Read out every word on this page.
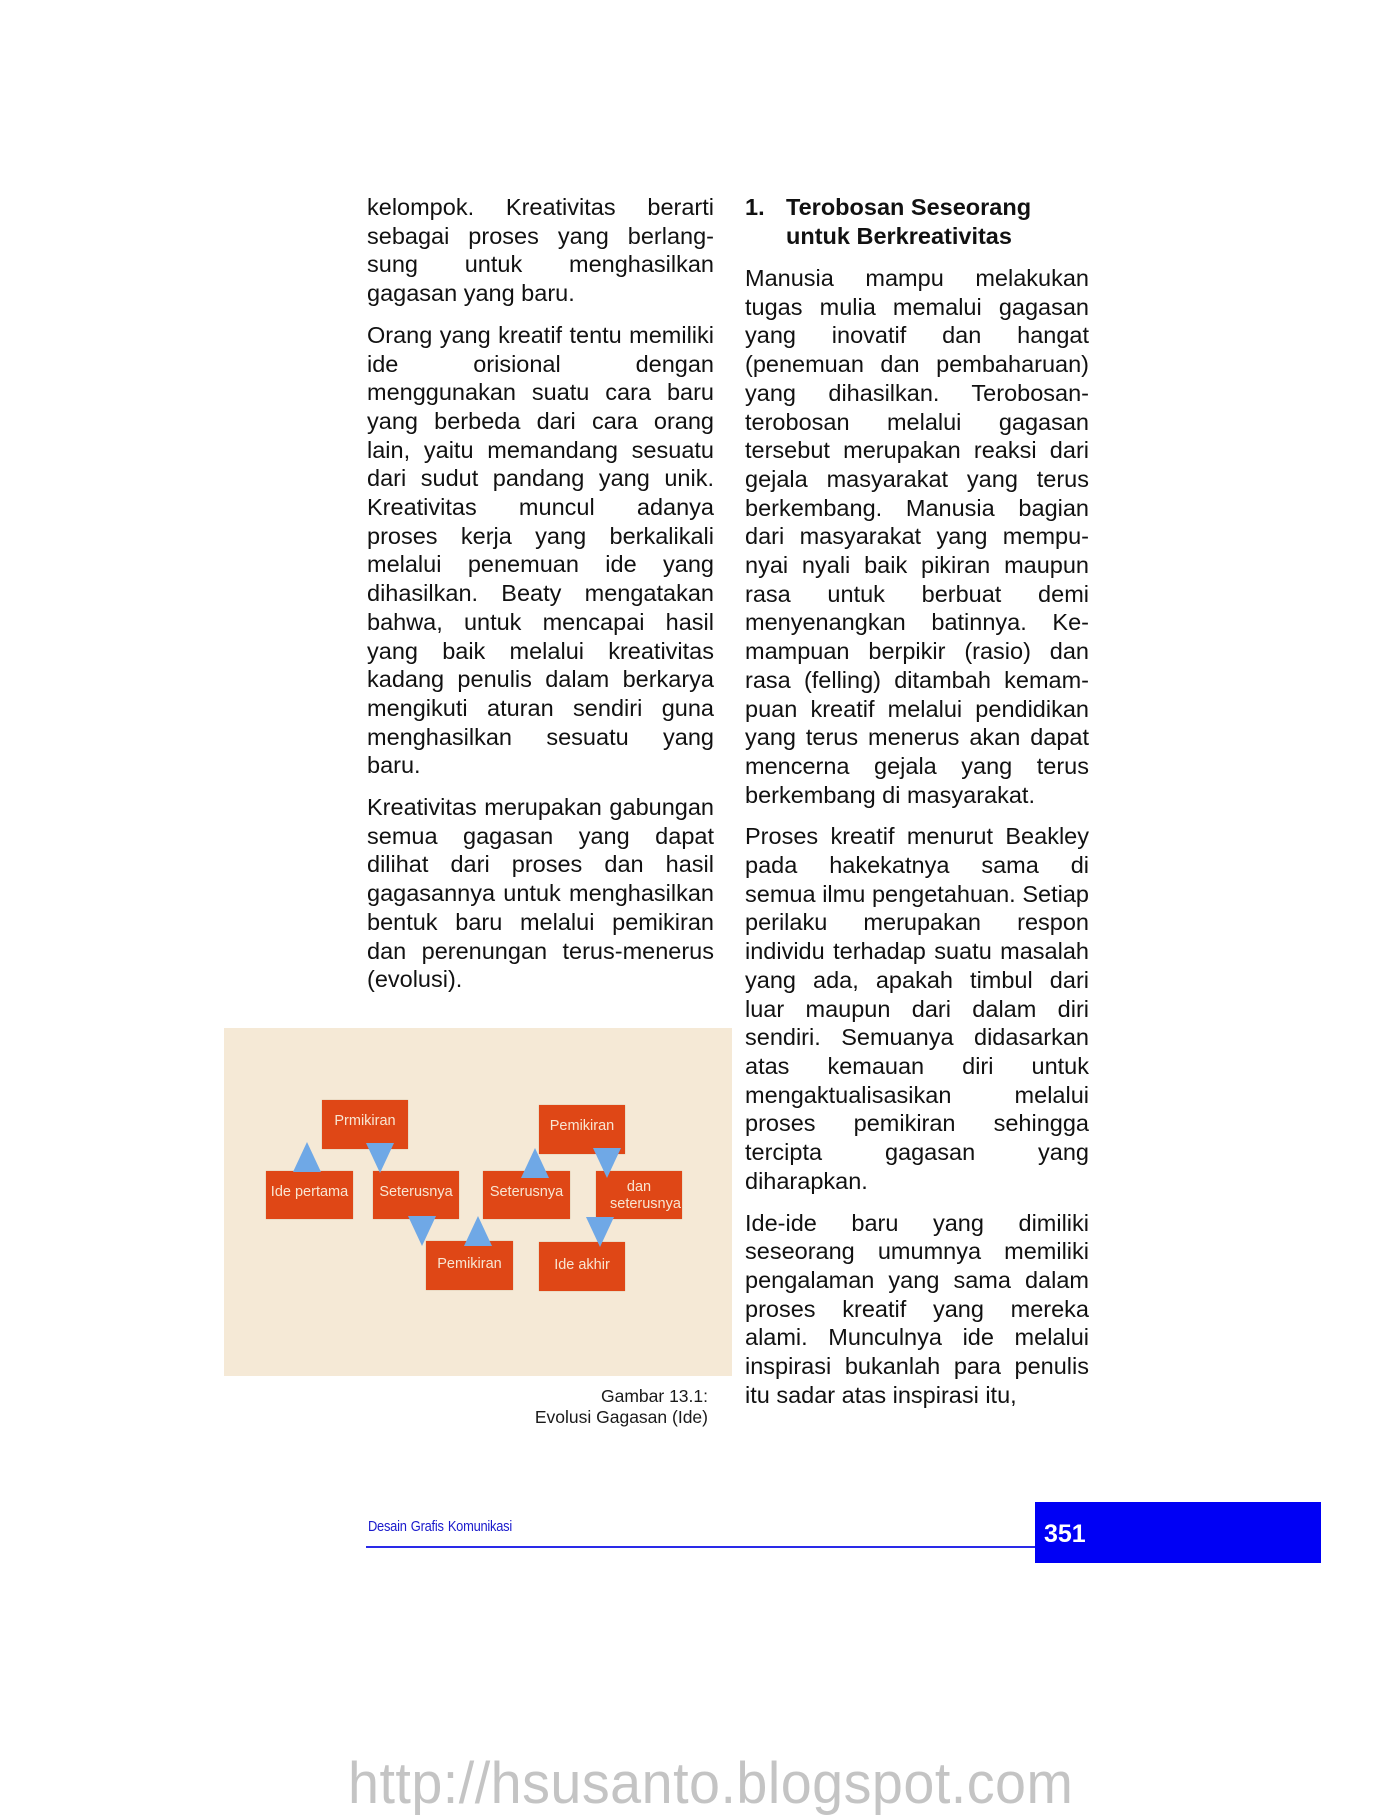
kelompok. Kreativitas berarti sebagai proses yang berlangsung untuk menghasilkan gagasan yang baru.

Orang yang kreatif tentu memiliki ide orisional dengan menggunakan suatu cara baru yang berbeda dari cara orang lain, yaitu memandang sesuatu dari sudut pandang yang unik. Kreativitas muncul adanya proses kerja yang berkalikali melalui penemuan ide yang dihasilkan. Beaty mengatakan bahwa, untuk mencapai hasil yang baik melalui kreativitas kadang penulis dalam berkarya mengikuti aturan sendiri guna menghasilkan sesuatu yang baru.

Kreativitas merupakan gabungan semua gagasan yang dapat dilihat dari proses dan hasil gagasannya untuk menghasilkan bentuk baru melalui pemikiran dan perenungan terus-menerus (evolusi).

1. Terobosan Seseorang untuk Berkreativitas

Manusia mampu melakukan tugas mulia memalui gagasan yang inovatif dan hangat (penemuan dan pembaharuan) yang dihasilkan. Terobosan-terobosan melalui gagasan tersebut merupakan reaksi dari gejala masyarakat yang terus berkembang. Manusia bagian dari masyarakat yang mempunyai nyali baik pikiran maupun rasa untuk berbuat demi menyenangkan batinnya. Kemampuan berpikir (rasio) dan rasa (felling) ditambah kemampuan kreatif melalui pendidikan yang terus menerus akan dapat mencerna gejala yang terus berkembang di masyarakat.

Proses kreatif menurut Beakley pada hakekatnya sama di semua ilmu pengetahuan. Setiap perilaku merupakan respon individu terhadap suatu masalah yang ada, apakah timbul dari luar maupun dari dalam diri sendiri. Semuanya didasarkan atas kemauan diri untuk mengaktualisasikan melalui proses pemikiran sehingga tercipta gagasan yang diharapkan.

Ide-ide baru yang dimiliki seseorang umumnya memiliki pengalaman yang sama dalam proses kreatif yang mereka alami. Munculnya ide melalui inspirasi bukanlah para penulis itu sadar atas inspirasi itu,

Prmikiran
Ide pertama	Seterusnya
Pemikiran
Seterusnya
Pemikiran
dan seterusnya
Ide akhir
Gambar 13.1:
Evolusi Gagasan (Ide)
Desain Grafis Komunikasi	351
http://hsusanto.blogspot.com
